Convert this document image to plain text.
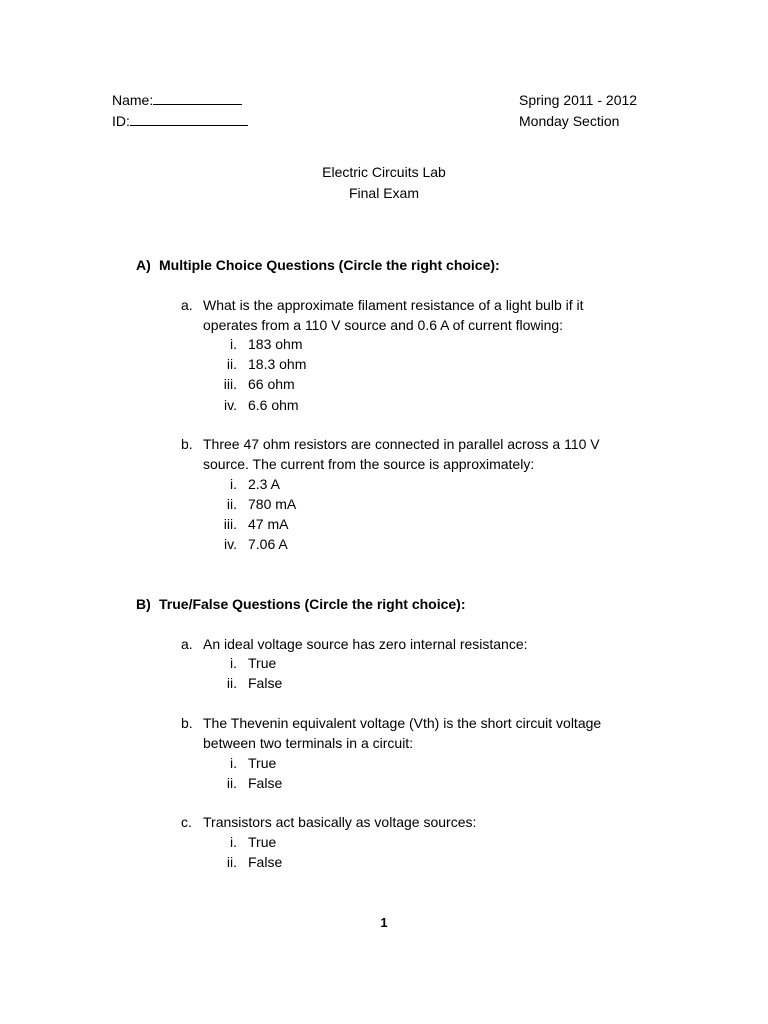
Name:
ID:
Spring 2011 - 2012
Monday Section
Electric Circuits Lab
Final Exam
A) Multiple Choice Questions (Circle the right choice):
a. What is the approximate filament resistance of a light bulb if it
operates from a 110 V source and 0.6 A of current flowing:
i. 183 ohm
ii. 18.3 ohm
iii. 66 ohm
iv. 6.6 ohm
b. Three 47 ohm resistors are connected in parallel across a 110 V
source. The current from the source is approximately:
i. 2.3 A
ii. 780 mA
iii. 47 mA
iv. 7.06 A
B) True/False Questions (Circle the right choice):
a. An ideal voltage source has zero internal resistance:
i. True
ii. False
b. The Thevenin equivalent voltage (Vth) is the short circuit voltage
between two terminals in a circuit:
i. True
ii. False
c. Transistors act basically as voltage sources:
i. True
ii. False
1
